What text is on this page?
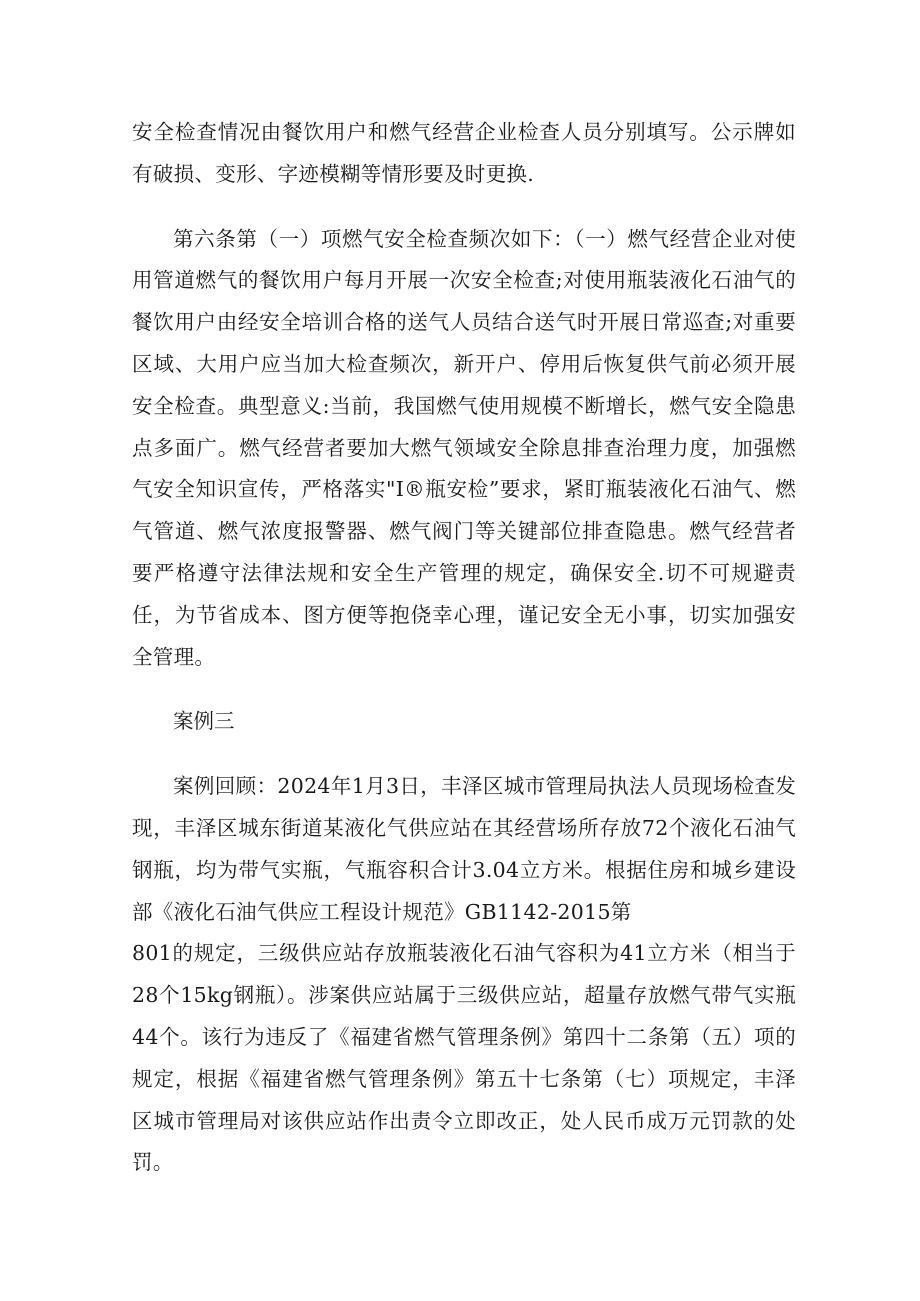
安全检查情况由餐饮用户和燃气经营企业检查人员分别填写。公示牌如有破损、变形、字迹模糊等情形要及时更换.

第六条第（一）项燃气安全检查频次如下：（一）燃气经营企业对使用管道燃气的餐饮用户每月开展一次安全检查;对使用瓶装液化石油气的餐饮用户由经安全培训合格的送气人员结合送气时开展日常巡查;对重要区域、大用户应当加大检查频次，新开户、停用后恢复供气前必须开展安全检查。典型意义:当前，我国燃气使用规模不断增长，燃气安全隐患点多面广。燃气经营者要加大燃气领域安全除息排查治理力度，加强燃气安全知识宣传，严格落实"I®瓶安检”要求，紧盯瓶装液化石油气、燃气管道、燃气浓度报警器、燃气阀门等关键部位排查隐患。燃气经营者要严格遵守法律法规和安全生产管理的规定，确保安全.切不可规避责任，为节省成本、图方便等抱侥幸心理，谨记安全无小事，切实加强安全管理。

案例三

案例回顾：2024年1月3日，丰泽区城市管理局执法人员现场检查发现，丰泽区城东街道某液化气供应站在其经营场所存放72个液化石油气钢瓶，均为带气实瓶，气瓶容积合计3.04立方米。根据住房和城乡建设部《液化石油气供应工程设计规范》GB1142-2015第

801的规定，三级供应站存放瓶装液化石油气容积为41立方米（相当于28个15kg钢瓶）。涉案供应站属于三级供应站，超量存放燃气带气实瓶44个。该行为违反了《福建省燃气管理条例》第四十二条第（五）项的规定，根据《福建省燃气管理条例》第五十七条第（七）项规定，丰泽区城市管理局对该供应站作出责令立即改正，处人民币成万元罚款的处罚。
